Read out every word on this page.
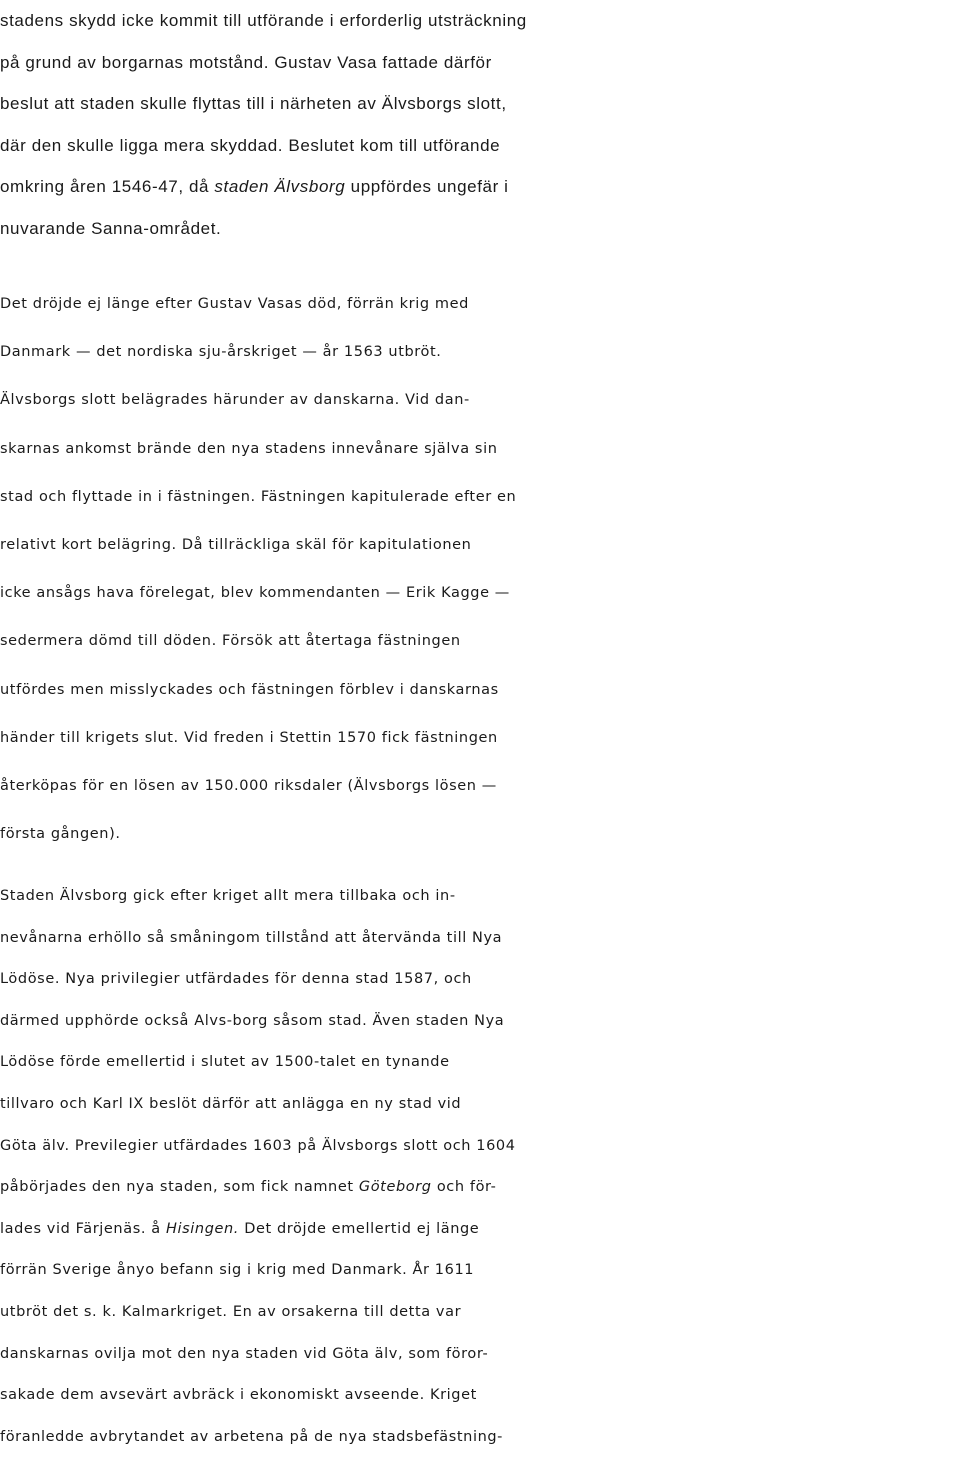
stadens skydd icke kommit till utförande i erforderlig utsträckning
på grund av borgarnas motstånd. Gustav Vasa fattade därför
beslut att staden skulle flyttas till i närheten av Älvsborgs slott,
där den skulle ligga mera skyddad. Beslutet kom till utförande
omkring åren 1546-47, då staden Älvsborg uppfördes ungefär i
nuvarande Sanna-området.
Det dröjde ej länge efter Gustav Vasas död, förrän krig med
Danmark — det nordiska sju-årskriget — år 1563 utbröt.
Älvsborgs slott belägrades härunder av danskarna. Vid dan-
skarnas ankomst brände den nya stadens innevånare själva sin
stad och flyttade in i fästningen. Fästningen kapitulerade efter en
relativt kort belägring. Då tillräckliga skäl för kapitulationen
icke ansågs hava förelegat, blev kommendanten — Erik Kagge —
sedermera dömd till döden. Försök att återtaga fästningen
utfördes men misslyckades och fästningen förblev i danskarnas
händer till krigets slut. Vid freden i Stettin 1570 fick fästningen
återköpas för en lösen av 150.000 riksdaler (Älvsborgs lösen —
första gången).
Staden Älvsborg gick efter kriget allt mera tillbaka och in-
nevånarna erhöllo så småningom tillstånd att återvända till Nya
Lödöse. Nya privilegier utfärdades för denna stad 1587, och
därmed upphörde också Alvs-borg såsom stad. Även staden Nya
Lödöse förde emellertid i slutet av 1500-talet en tynande
tillvaro och Karl IX beslöt därför att anlägga en ny stad vid
Göta älv. Previlegier utfärdades 1603 på Älvsborgs slott och 1604
påbörjades den nya staden, som fick namnet Göteborg och för-
lades vid Färjenäs. å Hisingen. Det dröjde emellertid ej länge
förrän Sverige ånyo befann sig i krig med Danmark. År 1611
utbröt det s. k. Kalmarkriget. En av orsakerna till detta var
danskarnas ovilja mot den nya staden vid Göta älv, som föror-
sakade dem avsevärt avbräck i ekonomiskt avseende. Kriget
föranledde avbrytandet av arbetena på de nya stadsbefästning-
